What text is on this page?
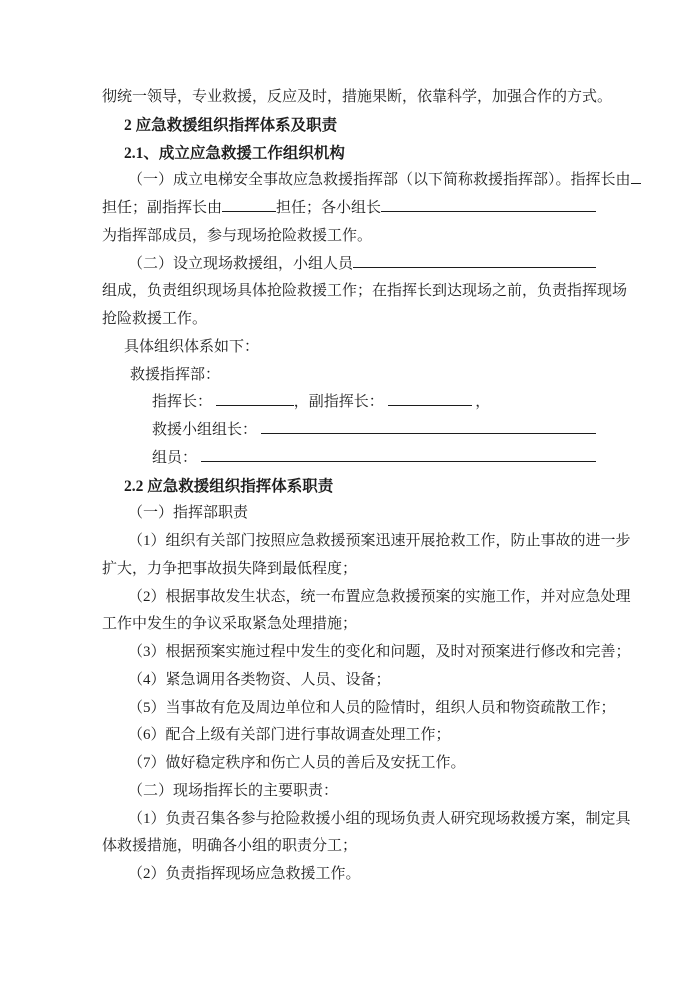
彻统一领导，专业救援，反应及时，措施果断，依靠科学，加强合作的方式。
2 应急救援组织指挥体系及职责
2.1、成立应急救援工作组织机构
（一）成立电梯安全事故应急救援指挥部（以下简称救援指挥部）。指挥长由
担任；副指挥长由	担任；各小组长
为指挥部成员，参与现场抢险救援工作。
（二）设立现场救援组，小组人员
组成，负责组织现场具体抢险救援工作；在指挥长到达现场之前，负责指挥现场
抢险救援工作。
具体组织体系如下：
救援指挥部：
指挥长：	，副指挥长：	，
救援小组组长：
组员：
2.2 应急救援组织指挥体系职责
（一）指挥部职责
（1）组织有关部门按照应急救援预案迅速开展抢救工作，防止事故的进一步
扩大，力争把事故损失降到最低程度；
（2）根据事故发生状态，统一布置应急救援预案的实施工作，并对应急处理
工作中发生的争议采取紧急处理措施；
（3）根据预案实施过程中发生的变化和问题，及时对预案进行修改和完善；
（4）紧急调用各类物资、人员、设备；
（5）当事故有危及周边单位和人员的险情时，组织人员和物资疏散工作；
（6）配合上级有关部门进行事故调查处理工作；
（7）做好稳定秩序和伤亡人员的善后及安抚工作。
（二）现场指挥长的主要职责：
（1）负责召集各参与抢险救援小组的现场负责人研究现场救援方案，制定具
体救援措施，明确各小组的职责分工；
（2）负责指挥现场应急救援工作。
